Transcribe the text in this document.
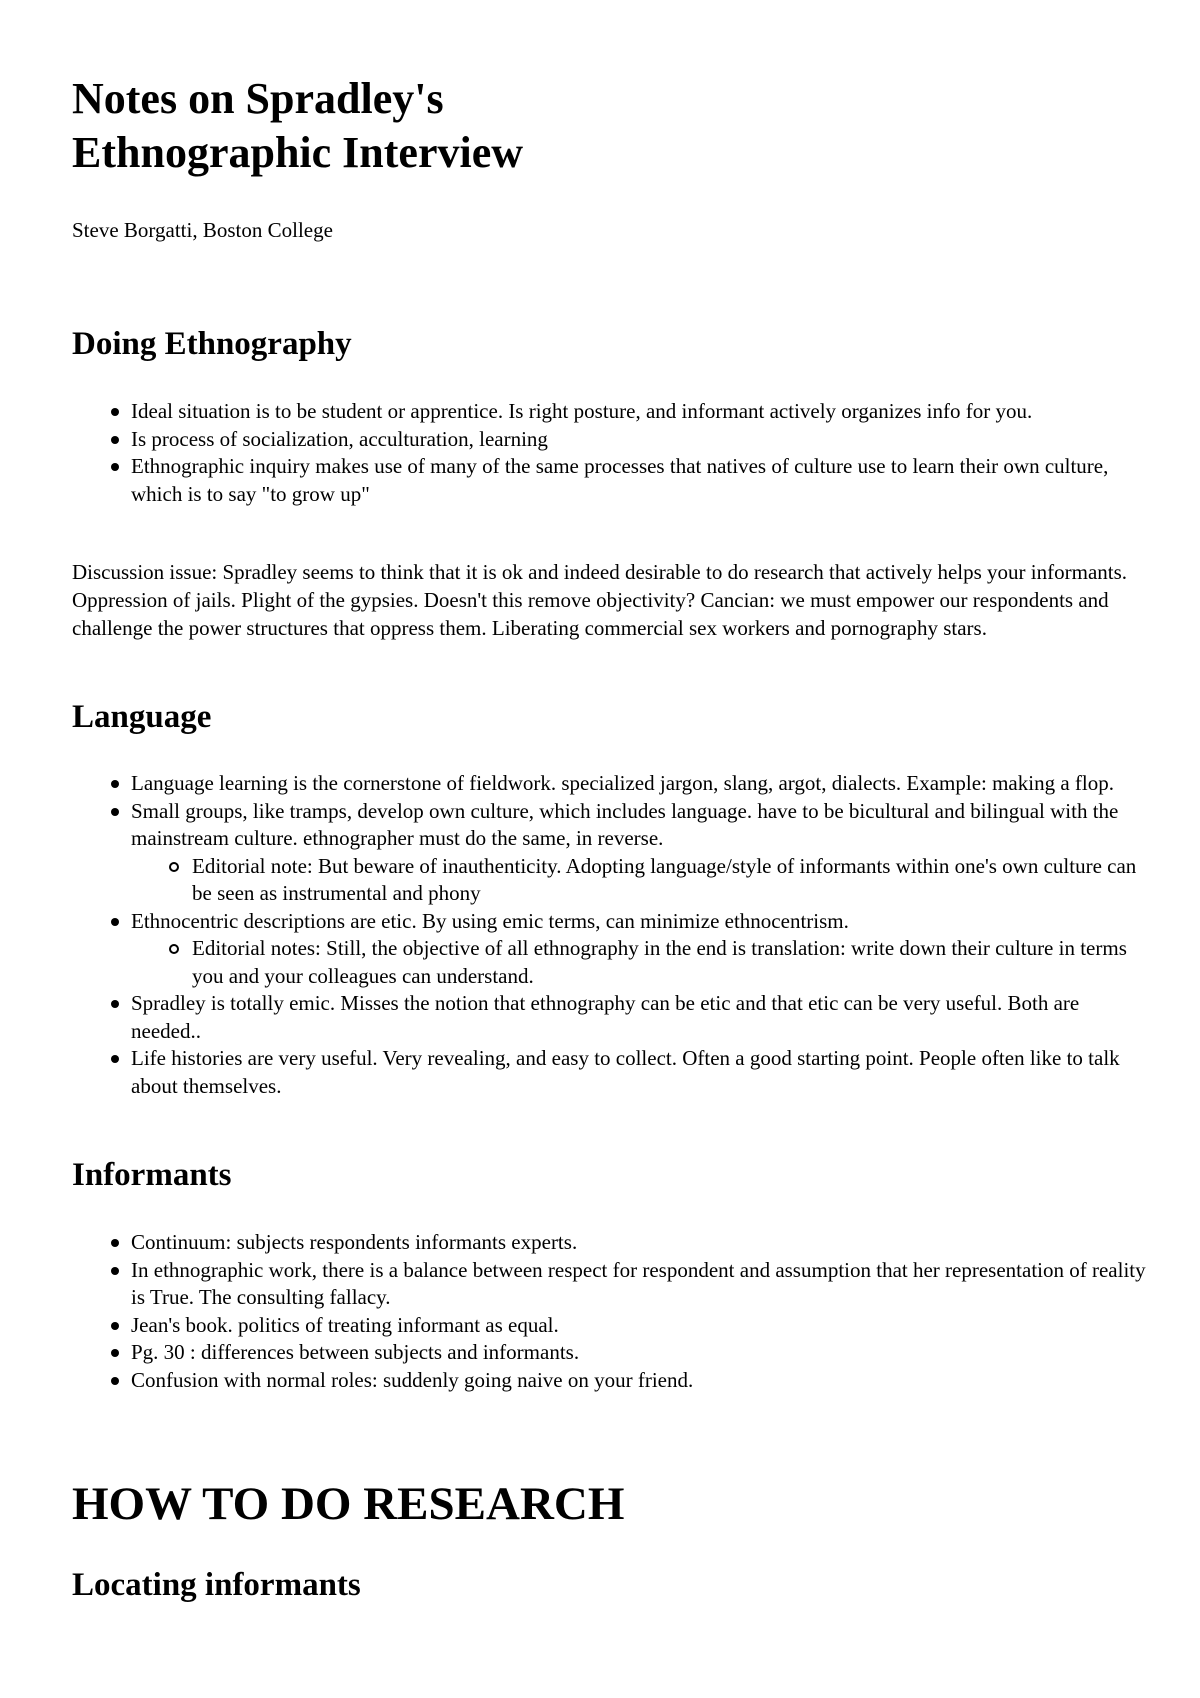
Notes on Spradley's
Ethnographic Interview

Steve Borgatti, Boston College

Doing Ethnography
Ideal situation is to be student or apprentice. Is right posture, and informant actively organizes info for you.
Is process of socialization, acculturation, learning
Ethnographic inquiry makes use of many of the same processes that natives of culture use to learn their own culture, which is to say "to grow up"

Discussion issue: Spradley seems to think that it is ok and indeed desirable to do research that actively helps your informants. Oppression of jails. Plight of the gypsies. Doesn't this remove objectivity? Cancian: we must empower our respondents and challenge the power structures that oppress them. Liberating commercial sex workers and pornography stars.

Language
Language learning is the cornerstone of fieldwork. specialized jargon, slang, argot, dialects. Example: making a flop.
Small groups, like tramps, develop own culture, which includes language. have to be bicultural and bilingual with the mainstream culture. ethnographer must do the same, in reverse.
Editorial note: But beware of inauthenticity. Adopting language/style of informants within one's own culture can be seen as instrumental and phony
Ethnocentric descriptions are etic. By using emic terms, can minimize ethnocentrism.
Editorial notes: Still, the objective of all ethnography in the end is translation: write down their culture in terms you and your colleagues can understand.
Spradley is totally emic. Misses the notion that ethnography can be etic and that etic can be very useful. Both are needed..
Life histories are very useful. Very revealing, and easy to collect. Often a good starting point. People often like to talk about themselves.
Informants
Continuum: subjects respondents informants experts.
In ethnographic work, there is a balance between respect for respondent and assumption that her representation of reality is True. The consulting fallacy.
Jean's book. politics of treating informant as equal.
Pg. 30 : differences between subjects and informants.
Confusion with normal roles: suddenly going naive on your friend.
HOW TO DO RESEARCH
Locating informants
